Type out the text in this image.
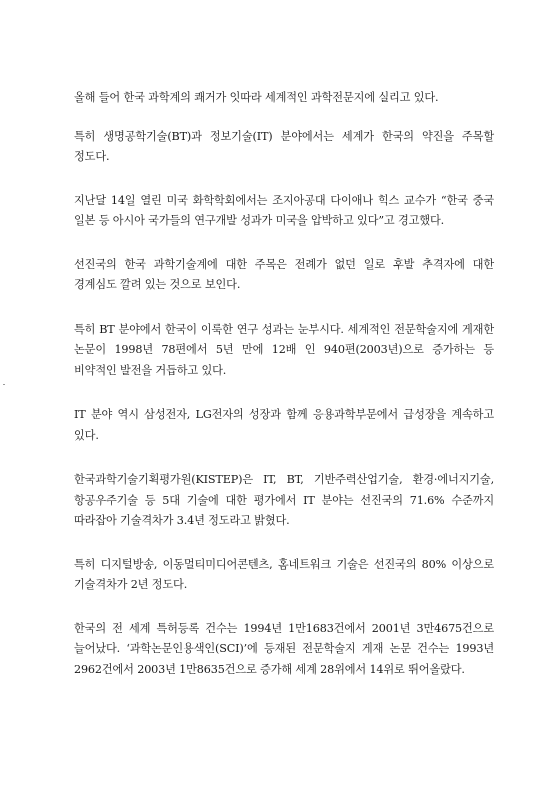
올해 들어 한국 과학계의 쾌거가 잇따라 세계적인 과학전문지에 실리고 있다.

특히 생명공학기술(BT)과 정보기술(IT) 분야에서는 세계가 한국의 약진을 주목할 정도다.

지난달 14일 열린 미국 화학학회에서는 조지아공대 다이애나 힉스 교수가 “한국 중국 일본 등 아시아 국가들의 연구개발 성과가 미국을 압박하고 있다”고 경고했다.

선진국의 한국 과학기술계에 대한 주목은 전례가 없던 일로 후발 추격자에 대한 경계심도 깔려 있는 것으로 보인다.

특히 BT 분야에서 한국이 이룩한 연구 성과는 눈부시다. 세계적인 전문학술지에 게재한 논문이 1998년 78편에서 5년 만에 12배 인 940편(2003년)으로 증가하는 등 비약적인 발전을 거듭하고 있다.

IT 분야 역시 삼성전자, LG전자의 성장과 함께 응용과학부문에서 급성장을 계속하고 있다.

한국과학기술기획평가원(KISTEP)은 IT, BT, 기반주력산업기술, 환경·에너지기술, 항공우주기술 등 5대 기술에 대한 평가에서 IT 분야는 선진국의 71.6% 수준까지 따라잡아 기술격차가 3.4년 정도라고 밝혔다.

특히 디지털방송, 이동멀티미디어콘텐츠, 홈네트워크 기술은 선진국의 80% 이상으로 기술격차가 2년 정도다.

한국의 전 세계 특허등록 건수는 1994년 1만1683건에서 2001년 3만4675건으로 늘어났다. ‘과학논문인용색인(SCI)’에 등재된 전문학술지 게재 논문 건수는 1993년 2962건에서 2003년 1만8635건으로 증가해 세계 28위에서 14위로 뛰어올랐다.
